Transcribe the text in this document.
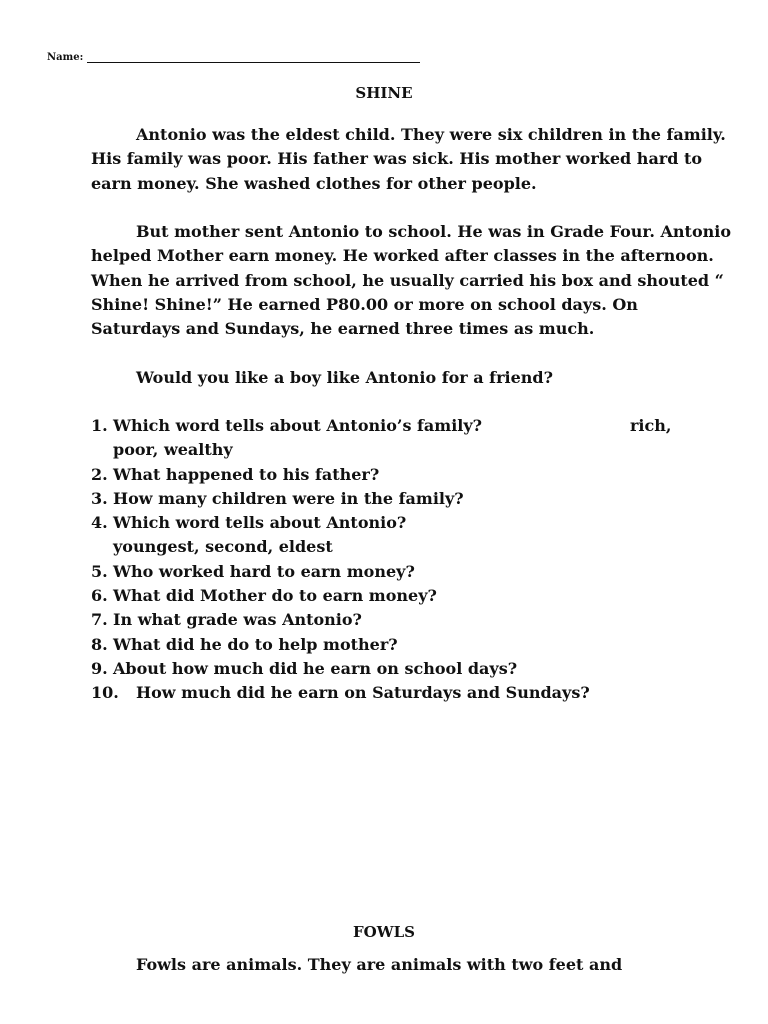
Name:
SHINE
Antonio was the eldest child. They were six children in the family. His family was poor. His father was sick. His mother worked hard to earn money. She washed clothes for other people.
But mother sent Antonio to school. He was in Grade Four. Antonio helped Mother earn money. He worked after classes in the afternoon. When he arrived from school, he usually carried his box and shouted “ Shine! Shine!” He earned P80.00 or more on school days. On Saturdays and Sundays, he earned three times as much.
Would you like a boy like Antonio for a friend?
1. Which word tells about Antonio’s family?	rich,
poor, wealthy
2. What happened to his father?
3. How many children were in the family?
4. Which word tells about Antonio?
youngest, second, eldest
5. Who worked hard to earn money?
6. What did Mother do to earn money?
7. In what grade was Antonio?
8. What did he do to help mother?
9. About how much did he earn on school days?
10. How much did he earn on Saturdays and Sundays?
FOWLS
Fowls are animals. They are animals with two feet and
